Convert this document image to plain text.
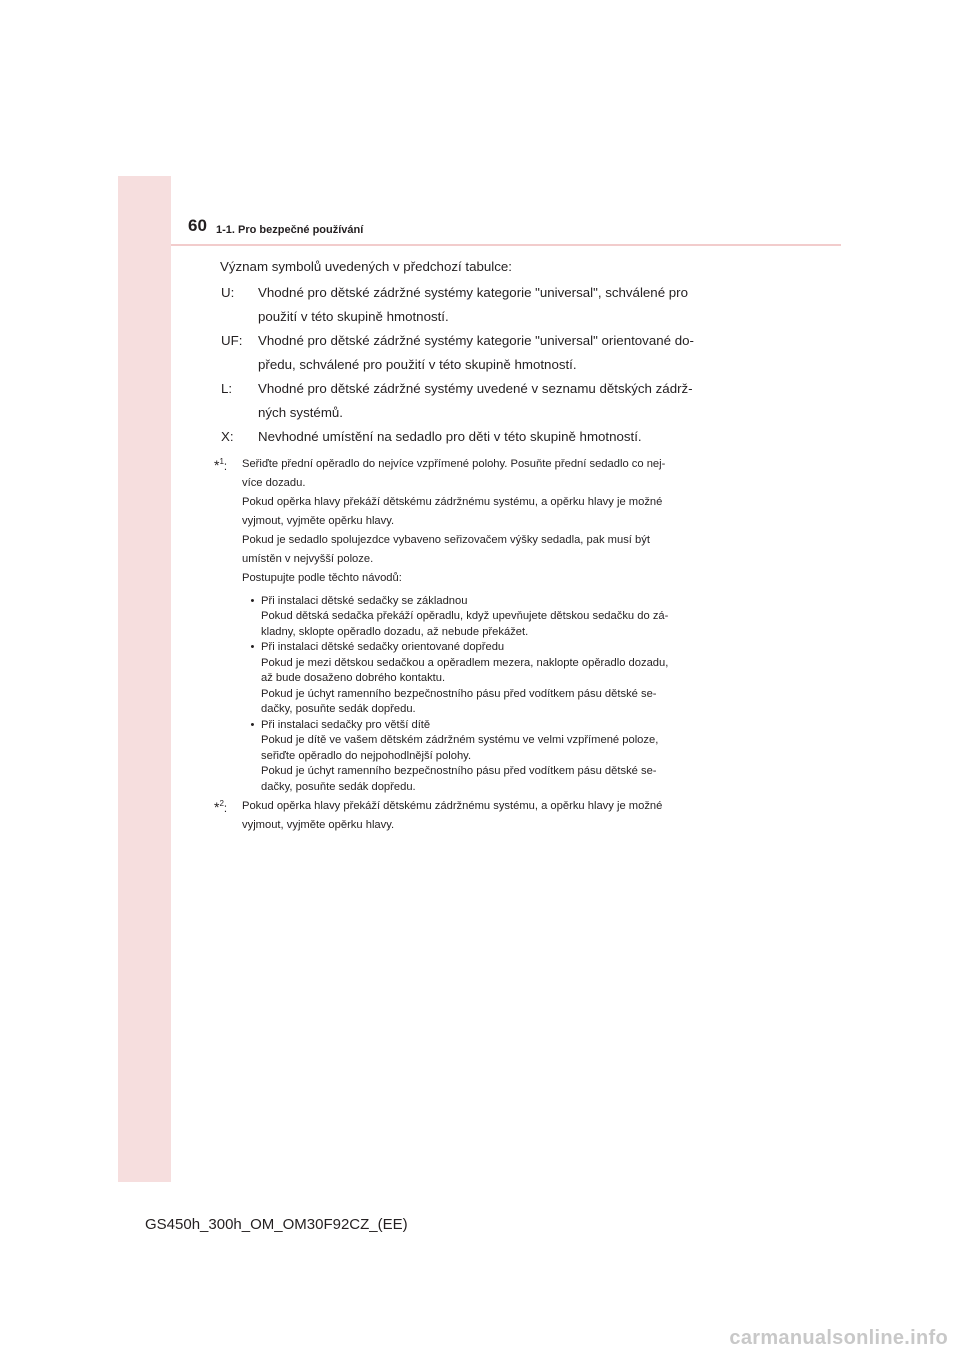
60 1-1. Pro bezpečné používání
Význam symbolů uvedených v předchozí tabulce:
U:	Vhodné pro dětské zádržné systémy kategorie "universal", schválené pro

použití v této skupině hmotností.

UF:	Vhodné pro dětské zádržné systémy kategorie "universal" orientované do-

předu, schválené pro použití v této skupině hmotností.

L:	Vhodné pro dětské zádržné systémy uvedené v seznamu dětských zádrž-

ných systémů.

X:	Nevhodné umístění na sedadlo pro děti v této skupině hmotností.

*$^1$:	Seřiďte přední opěradlo do nejvíce vzpřímené polohy. Posuňte přední sedadlo co nej-

více dozadu.

Pokud opěrka hlavy překáží dětskému zádržnému systému, a opěrku hlavy je možné

vyjmout, vyjměte opěrku hlavy.

Pokud je sedadlo spolujezdce vybaveno seřizovačem výšky sedadla, pak musí být

umístěn v nejvyšší poloze.

Postupujte podle těchto návodů:

• Při instalaci dětské sedačky se základnou

Pokud dětská sedačka překáží opěradlu, když upevňujete dětskou sedačku do zá-

kladny, sklopte opěradlo dozadu, až nebude překážet.

• Při instalaci dětské sedačky orientované dopředu

Pokud je mezi dětskou sedačkou a opěradlem mezera, naklopte opěradlo dozadu,

až bude dosaženo dobrého kontaktu.

Pokud je úchyt ramenního bezpečnostního pásu před vodítkem pásu dětské se-

dačky, posuňte sedák dopředu.

• Při instalaci sedačky pro větší dítě

Pokud je dítě ve vašem dětském zádržném systému ve velmi vzpřímené poloze,

seřiďte opěradlo do nejpohodlnější polohy.

Pokud je úchyt ramenního bezpečnostního pásu před vodítkem pásu dětské se-

dačky, posuňte sedák dopředu.

*$^2$:	Pokud opěrka hlavy překáží dětskému zádržnému systému, a opěrku hlavy je možné

vyjmout, vyjměte opěrku hlavy.

GS450h_300h_OM_OM30F92CZ_(EE)
carmanualsonline.info
